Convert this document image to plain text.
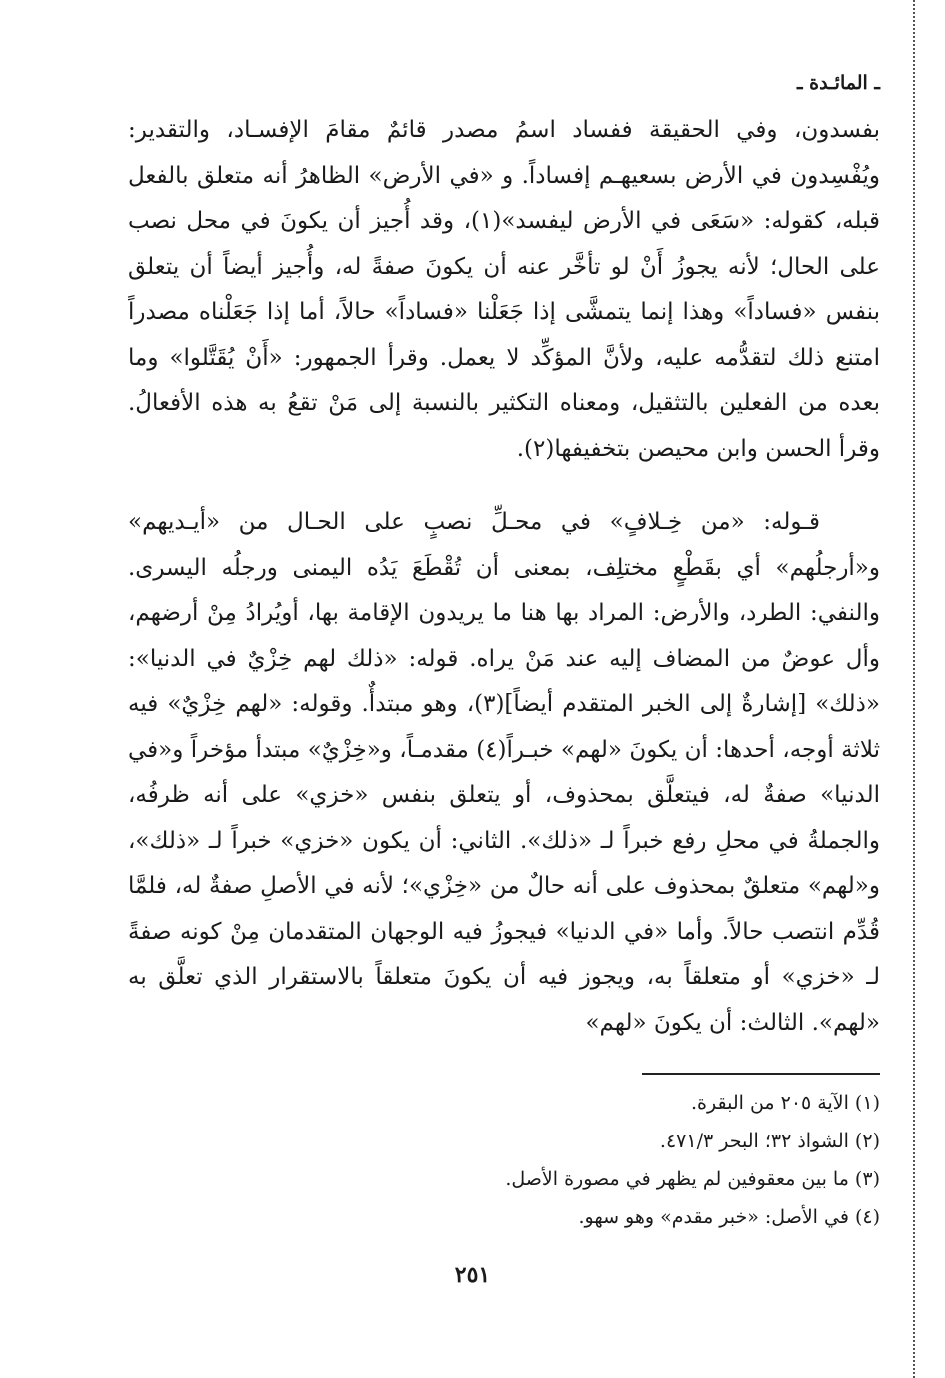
ـ المائـدة ـ
بفسدون، وفي الحقيقة ففساد اسمُ مصدر قائمٌ مقامَ الإفسـاد، والتقدير: ويُفْسِدون في الأرض بسعيهـم إفساداً. و «في الأرض» الظاهرُ أنه متعلق بالفعل قبله، كقوله: «سَعَى في الأرض ليفسد»(١)، وقد أُجيز أن يكونَ في محل نصب على الحال؛ لأنه يجوزُ أَنْ لو تأخَّر عنه أن يكونَ صفةً له، وأُجيز أيضاً أن يتعلق بنفس «فساداً» وهذا إنما يتمشَّى إذا جَعَلْنا «فساداً» حالاً، أما إذا جَعَلْناه مصدراً امتنع ذلك لتقدُّمه عليه، ولأنَّ المؤكِّد لا يعمل. وقرأ الجمهور: «أَنْ يُقَتَّلوا» وما بعده من الفعلين بالتثقيل، ومعناه التكثير بالنسبة إلى مَنْ تقعُ به هذه الأفعالُ. وقرأ الحسن وابن محيصن بتخفيفها(٢).
قـوله: «من خِـلافٍ» في محـلِّ نصبٍ على الحـال من «أيـديهم» و«أرجلُهم» أي بقَطْعٍ مختلِف، بمعنى أن تُقْطَعَ يَدُه اليمنى ورجلُه اليسرى. والنفي: الطرد، والأرض: المراد بها هنا ما يريدون الإقامة بها، أويُرادُ مِنْ أرضهم، وأل عوضٌ من المضاف إليه عند مَنْ يراه. قوله: «ذلك لهم خِزْيٌ في الدنيا»: «ذلك» [إشارةٌ إلى الخبر المتقدم أيضاً](٣)، وهو مبتدأٌ. وقوله: «لهم خِزْيٌ» فيه ثلاثة أوجه، أحدها: أن يكونَ «لهم» خبـراً(٤) مقدمـاً، و«خِزْيٌ» مبتدأ مؤخراً و«في الدنيا» صفةٌ له، فيتعلَّق بمحذوف، أو يتعلق بنفس «خزي» على أنه ظرفُه، والجملةُ في محلِ رفع خبراً لـ «ذلك». الثاني: أن يكون «خزي» خبراً لـ «ذلك»، و«لهم» متعلقٌ بمحذوف على أنه حالٌ من «خِزْي»؛ لأنه في الأصلِ صفةٌ له، فلمَّا قُدِّم انتصب حالاً. وأما «في الدنيا» فيجوزُ فيه الوجهان المتقدمان مِنْ كونه صفةً لـ «خزي» أو متعلقاً به، ويجوز فيه أن يكونَ متعلقاً بالاستقرار الذي تعلَّق به «لهم». الثالث: أن يكونَ «لهم»
(١) الآية ٢٠٥ من البقرة.
(٢) الشواذ ٣٢؛ البحر ٤٧١/٣.
(٣) ما بين معقوفين لم يظهر في مصورة الأصل.
(٤) في الأصل: «خبر مقدم» وهو سهو.
٢٥١
